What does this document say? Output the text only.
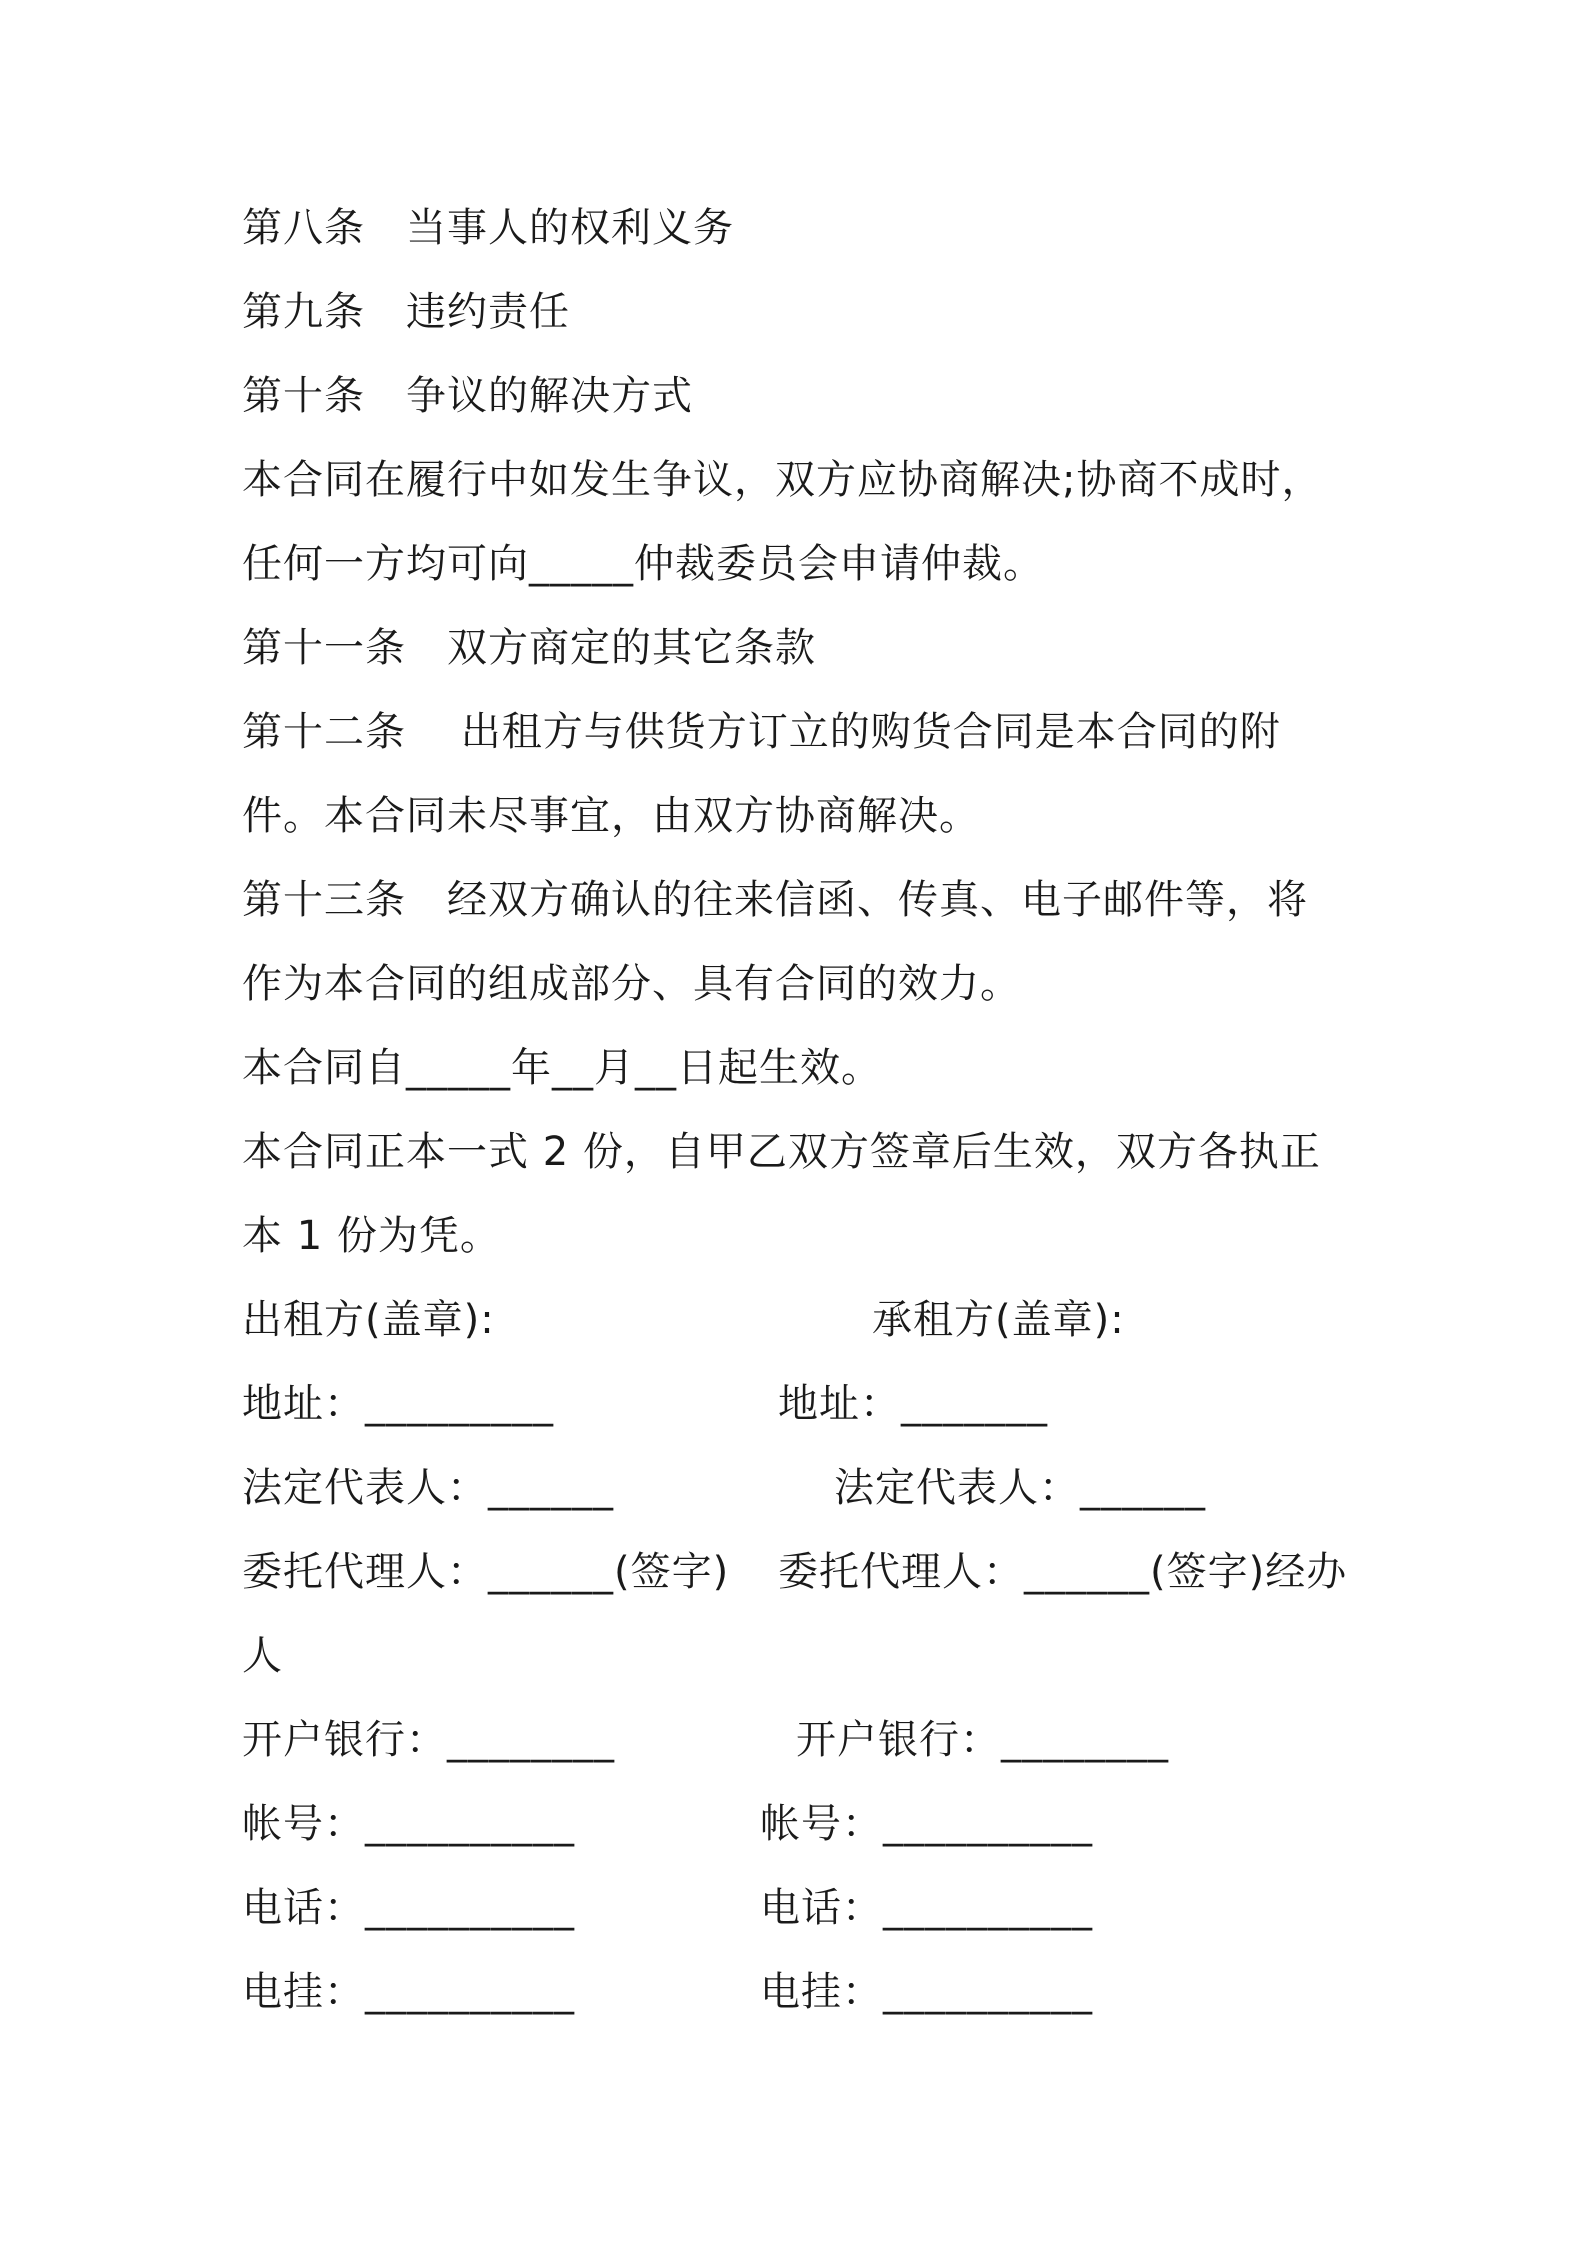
第八条　当事人的权利义务
第九条　违约责任
第十条　争议的解决方式
本合同在履行中如发生争议，双方应协商解决;协商不成时，
任何一方均可向_____仲裁委员会申请仲裁。
第十一条　双方商定的其它条款
第十二条　 出租方与供货方订立的购货合同是本合同的附
件。本合同未尽事宜，由双方协商解决。
第十三条　经双方确认的往来信函、传真、电子邮件等，将
作为本合同的组成部分、具有合同的效力。
本合同自_____年__月__日起生效。
本合同正本一式 2 份，自甲乙双方签章后生效，双方各执正
本 1 份为凭。
出租方(盖章):	承租方(盖章):
地址：_________	地址：_______
法定代表人：______	法定代表人：______
委托代理人：______(签字) 委托代理人：______(签字)经办
人
开户银行：________	开户银行：________
帐号：__________	帐号：__________
电话：__________	电话：__________
电挂：__________	电挂：__________
